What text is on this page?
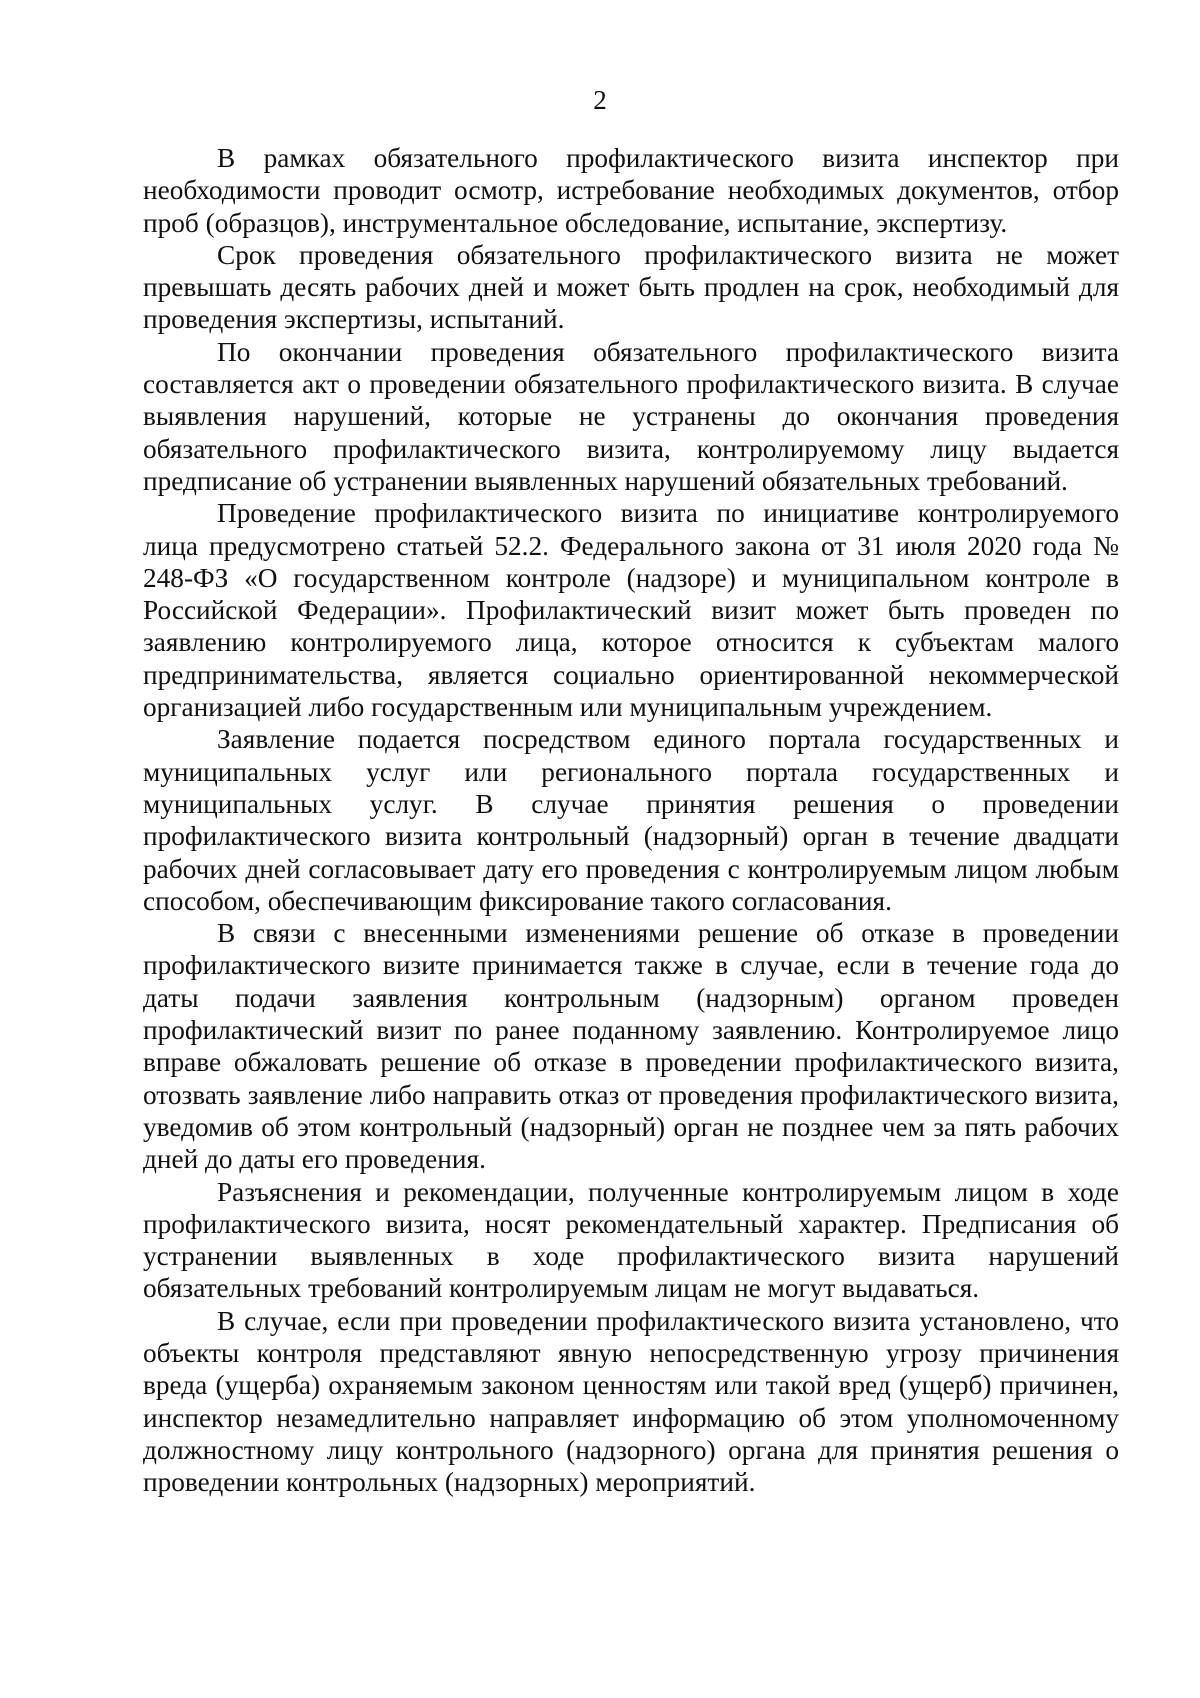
2

В рамках обязательного профилактического визита инспектор при необходимости проводит осмотр, истребование необходимых документов, отбор проб (образцов), инструментальное обследование, испытание, экспертизу.

Срок проведения обязательного профилактического визита не может превышать десять рабочих дней и может быть продлен на срок, необходимый для проведения экспертизы, испытаний.

По окончании проведения обязательного профилактического визита составляется акт о проведении обязательного профилактического визита. В случае выявления нарушений, которые не устранены до окончания проведения обязательного профилактического визита, контролируемому лицу выдается предписание об устранении выявленных нарушений обязательных требований.

Проведение профилактического визита по инициативе контролируемого лица предусмотрено статьей 52.2. Федерального закона от 31 июля 2020 года № 248-ФЗ «О государственном контроле (надзоре) и муниципальном контроле в Российской Федерации». Профилактический визит может быть проведен по заявлению контролируемого лица, которое относится к субъектам малого предпринимательства, является социально ориентированной некоммерческой организацией либо государственным или муниципальным учреждением.

Заявление подается посредством единого портала государственных и муниципальных услуг или регионального портала государственных и муниципальных услуг. В случае принятия решения о проведении профилактического визита контрольный (надзорный) орган в течение двадцати рабочих дней согласовывает дату его проведения с контролируемым лицом любым способом, обеспечивающим фиксирование такого согласования.

В связи с внесенными изменениями решение об отказе в проведении профилактического визите принимается также в случае, если в течение года до даты подачи заявления контрольным (надзорным) органом проведен профилактический визит по ранее поданному заявлению. Контролируемое лицо вправе обжаловать решение об отказе в проведении профилактического визита, отозвать заявление либо направить отказ от проведения профилактического визита, уведомив об этом контрольный (надзорный) орган не позднее чем за пять рабочих дней до даты его проведения.

Разъяснения и рекомендации, полученные контролируемым лицом в ходе профилактического визита, носят рекомендательный характер. Предписания об устранении выявленных в ходе профилактического визита нарушений обязательных требований контролируемым лицам не могут выдаваться.

В случае, если при проведении профилактического визита установлено, что объекты контроля представляют явную непосредственную угрозу причинения вреда (ущерба) охраняемым законом ценностям или такой вред (ущерб) причинен, инспектор незамедлительно направляет информацию об этом уполномоченному должностному лицу контрольного (надзорного) органа для принятия решения о проведении контрольных (надзорных) мероприятий.
